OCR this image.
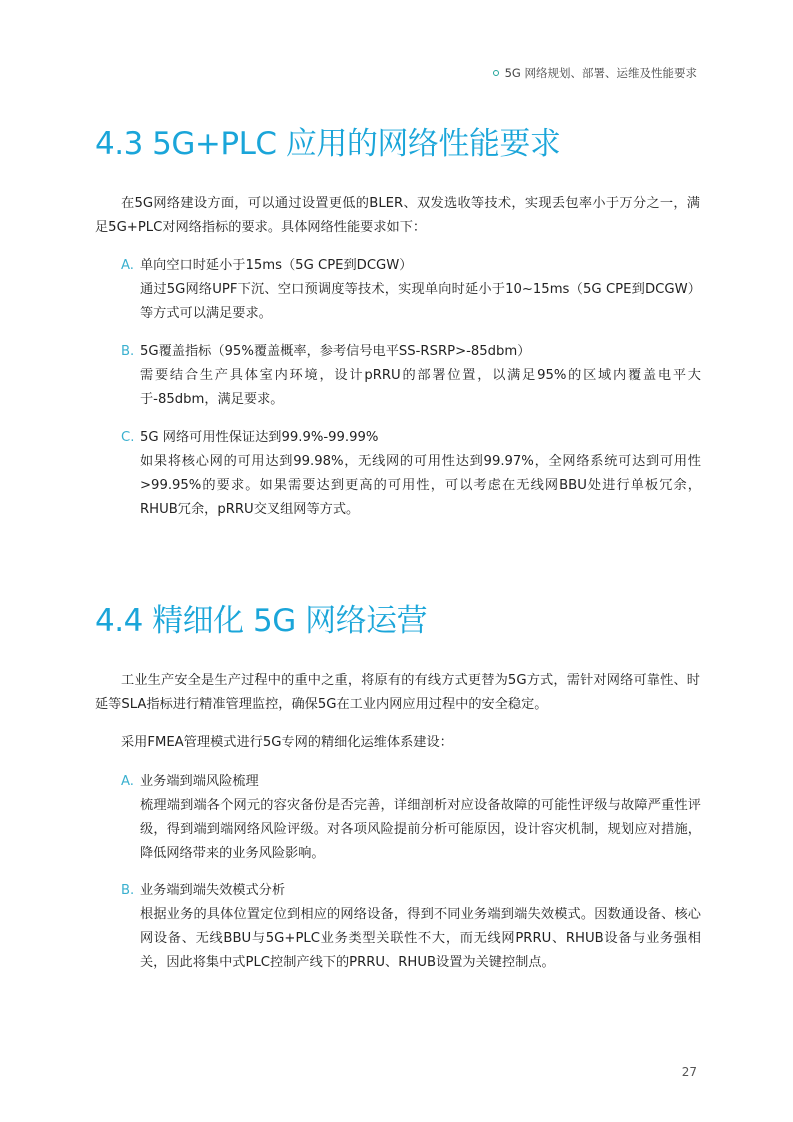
5G 网络规划、部署、运维及性能要求
4.3 5G+PLC 应用的网络性能要求

在5G网络建设方面，可以通过设置更低的BLER、双发选收等技术，实现丢包率小于万分之一，满足5G+PLC对网络指标的要求。具体网络性能要求如下：

A. 单向空口时延小于15ms（5G CPE到DCGW）

通过5G网络UPF下沉、空口预调度等技术，实现单向时延小于10~15ms（5G CPE到DCGW）等方式可以满足要求。

B. 5G覆盖指标（95%覆盖概率，参考信号电平SS-RSRP>-85dbm）

需要结合生产具体室内环境，设计pRRU的部署位置，以满足95%的区域内覆盖电平大于-85dbm，满足要求。

C. 5G 网络可用性保证达到99.9%-99.99%

如果将核心网的可用达到99.98%，无线网的可用性达到99.97%，全网络系统可达到可用性>99.95%的要求。如果需要达到更高的可用性，可以考虑在无线网BBU处进行单板冗余，RHUB冗余，pRRU交叉组网等方式。

4.4 精细化 5G 网络运营

工业生产安全是生产过程中的重中之重，将原有的有线方式更替为5G方式，需针对网络可靠性、时延等SLA指标进行精准管理监控，确保5G在工业内网应用过程中的安全稳定。

采用FMEA管理模式进行5G专网的精细化运维体系建设：

A. 业务端到端风险梳理

梳理端到端各个网元的容灾备份是否完善，详细剖析对应设备故障的可能性评级与故障严重性评级，得到端到端网络风险评级。对各项风险提前分析可能原因，设计容灾机制，规划应对措施，降低网络带来的业务风险影响。

B. 业务端到端失效模式分析

根据业务的具体位置定位到相应的网络设备，得到不同业务端到端失效模式。因数通设备、核心网设备、无线BBU与5G+PLC业务类型关联性不大，而无线网PRRU、RHUB设备与业务强相关，因此将集中式PLC控制产线下的PRRU、RHUB设置为关键控制点。

27
